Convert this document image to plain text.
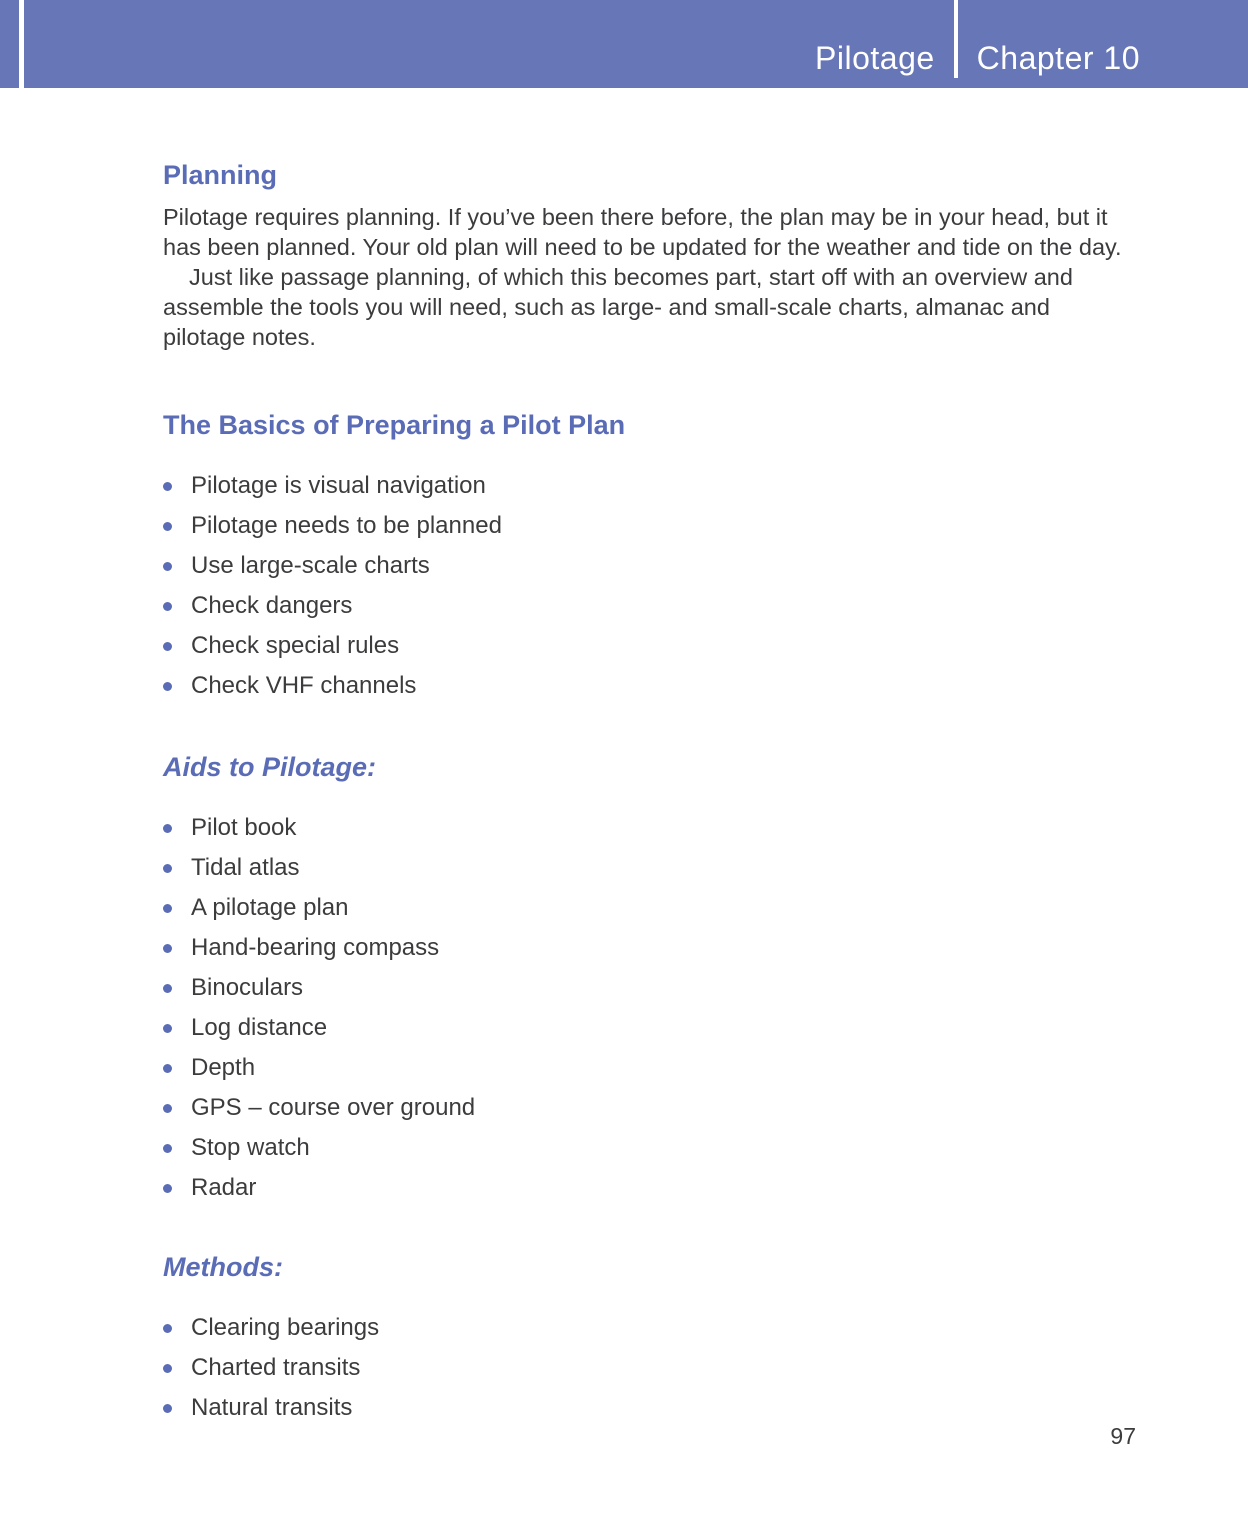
Pilotage Chapter 10
Planning

Pilotage requires planning. If you’ve been there before, the plan may be in your head, but it has been planned. Your old plan will need to be updated for the weather and tide on the day.

Just like passage planning, of which this becomes part, start off with an overview and assemble the tools you will need, such as large- and small-scale charts, almanac and pilotage notes.

The Basics of Preparing a Pilot Plan
Pilotage is visual navigation
Pilotage needs to be planned
Use large-scale charts
Check dangers
Check special rules
Check VHF channels
Aids to Pilotage:
Pilot book
Tidal atlas
A pilotage plan
Hand-bearing compass
Binoculars
Log distance
Depth
GPS – course over ground
Stop watch
Radar
Methods:
Clearing bearings
Charted transits
Natural transits
97
